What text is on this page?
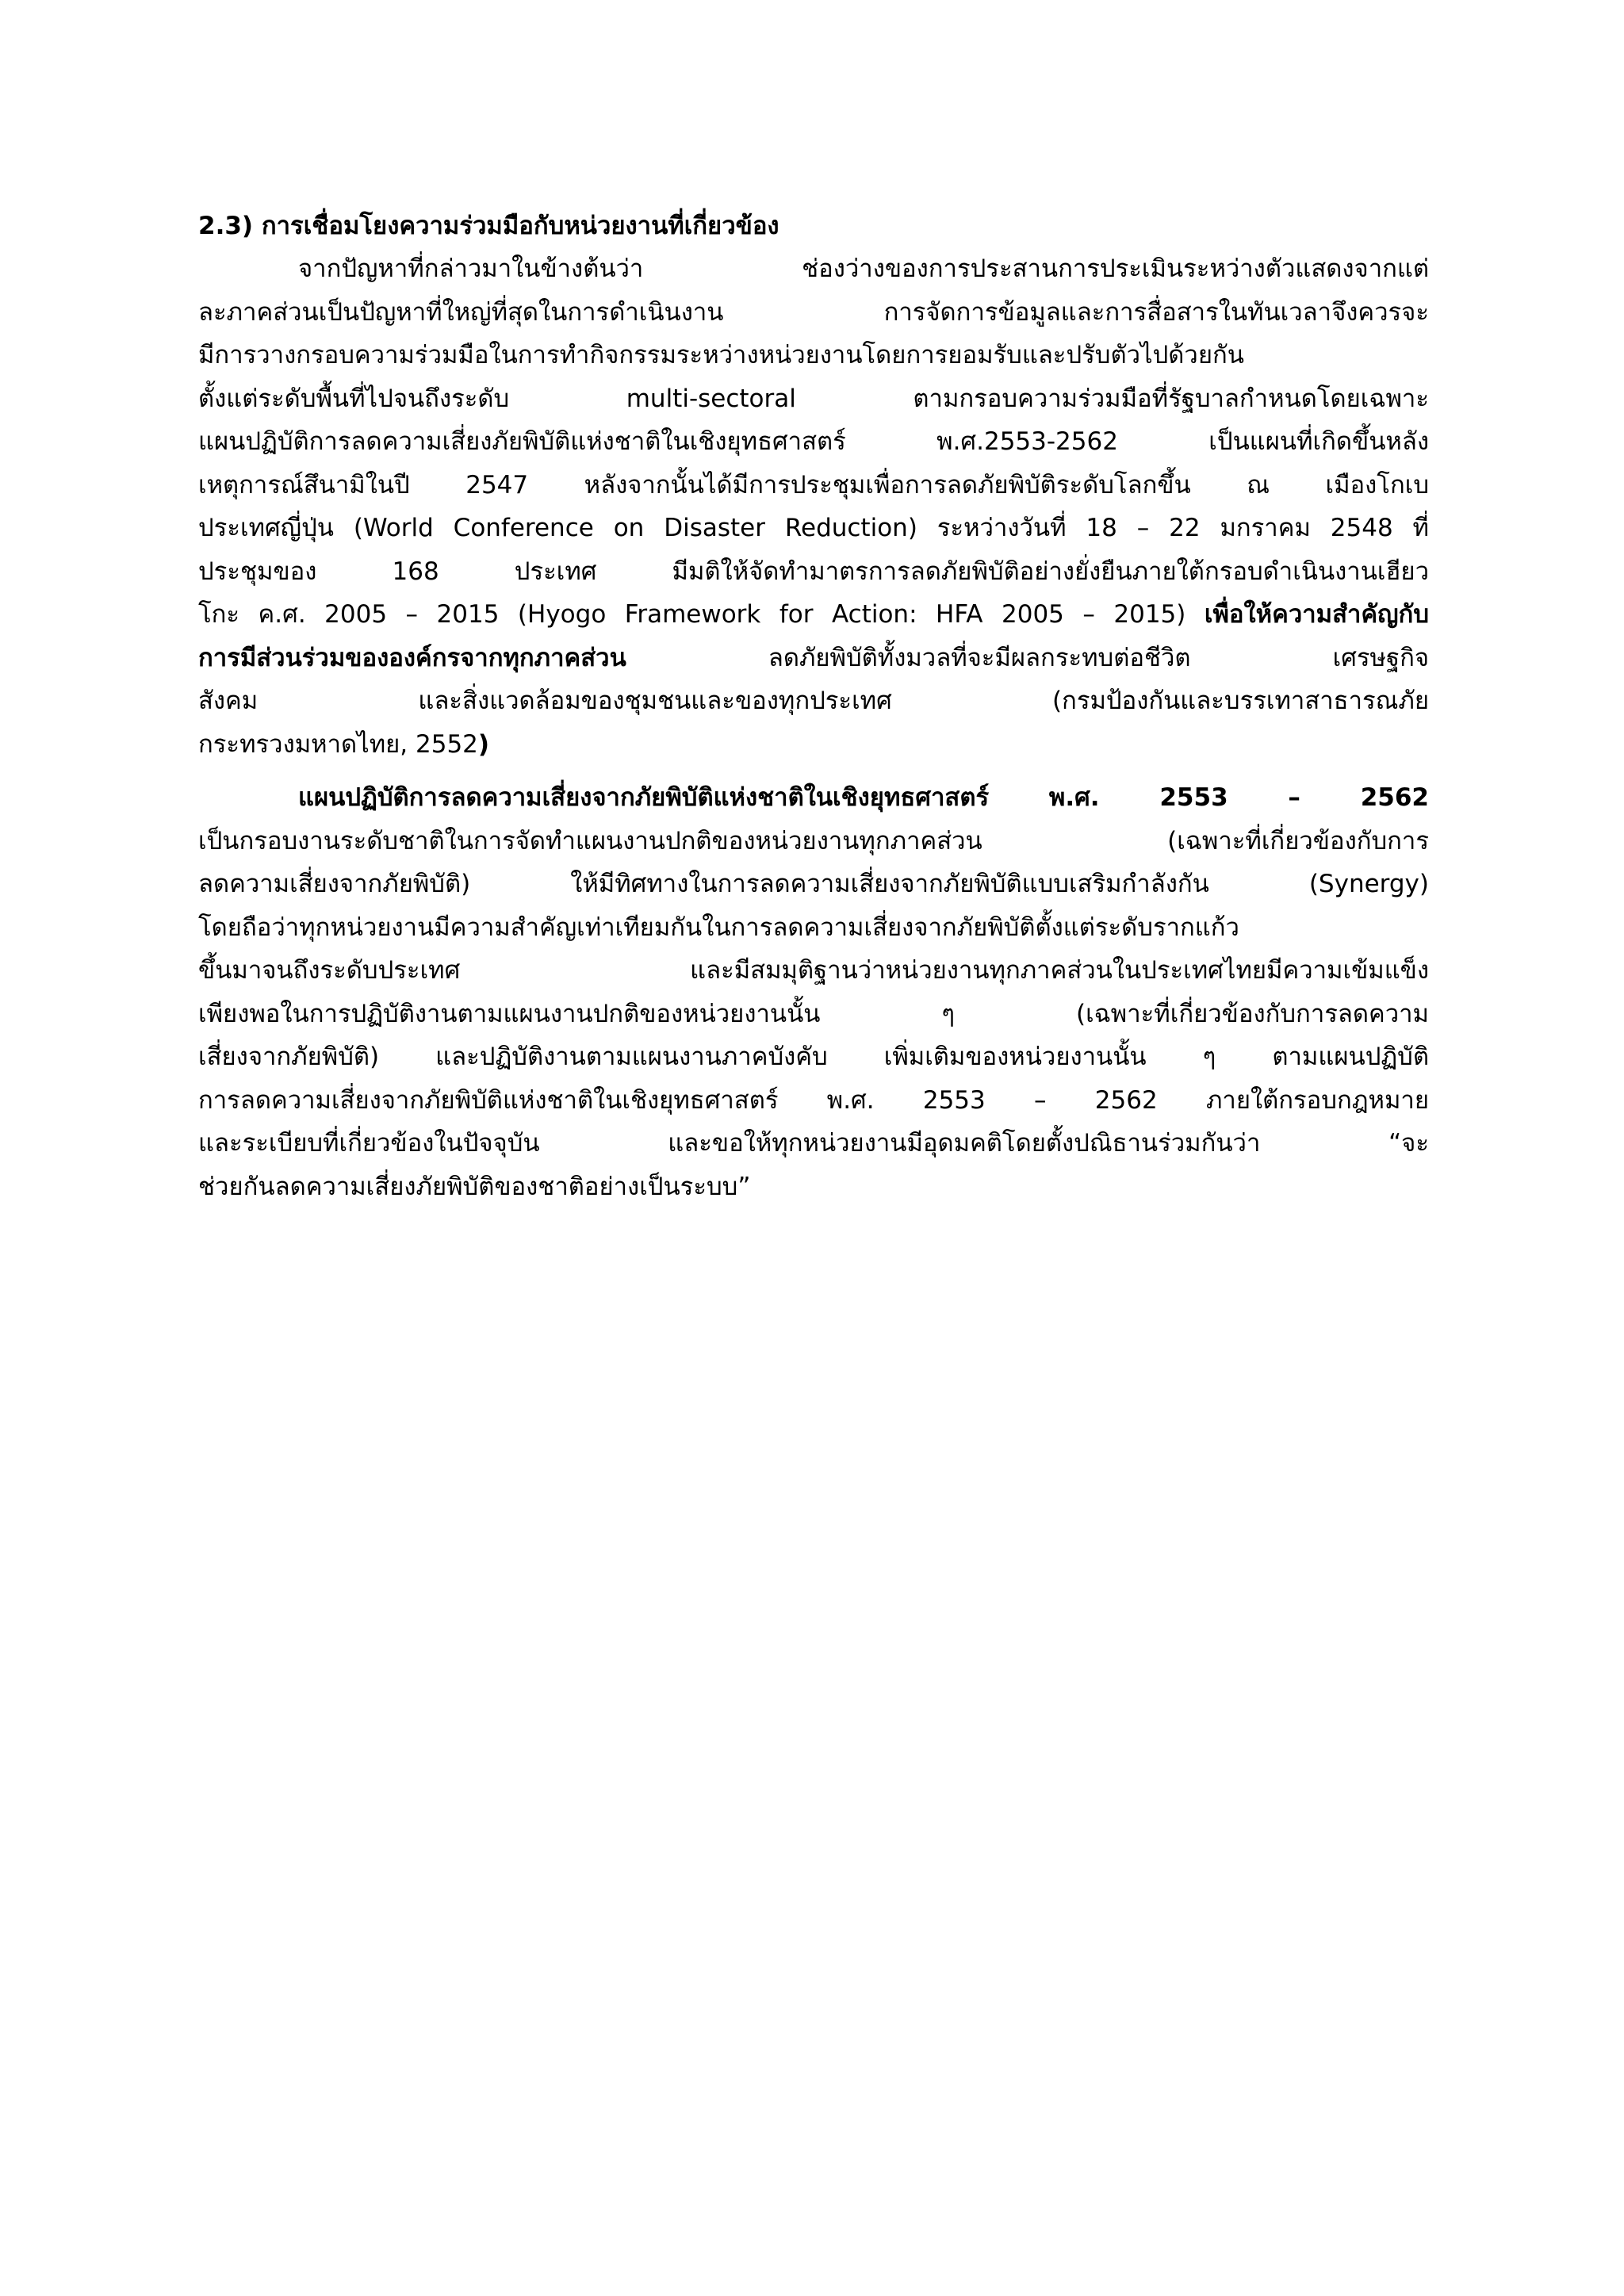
2.3) การเชื่อมโยงความร่วมมือกับหน่วยงานที่เกี่ยวข้อง
จากปัญหาที่กล่าวมาในข้างต้นว่า ช่องว่างของการประสานการประเมินระหว่างตัวแสดงจากแต่
ละภาคส่วนเป็นปัญหาที่ใหญ่ที่สุดในการดำเนินงาน การจัดการข้อมูลและการสื่อสารในทันเวลาจึงควรจะ
มีการวางกรอบความร่วมมือในการทำกิจกรรมระหว่างหน่วยงานโดยการยอมรับและปรับตัวไปด้วยกัน
ตั้งแต่ระดับพื้นที่ไปจนถึงระดับ multi-sectoral ตามกรอบความร่วมมือที่รัฐบาลกำหนดโดยเฉพาะ
แผนปฏิบัติการลดความเสี่ยงภัยพิบัติแห่งชาติในเชิงยุทธศาสตร์ พ.ศ.2553-2562 เป็นแผนที่เกิดขึ้นหลัง
เหตุการณ์สึนามิในปี 2547 หลังจากนั้นได้มีการประชุมเพื่อการลดภัยพิบัติระดับโลกขึ้น ณ เมืองโกเบ
ประเทศญี่ปุ่น (World Conference on Disaster Reduction) ระหว่างวันที่ 18 – 22 มกราคม 2548 ที่
ประชุมของ 168 ประเทศ มีมติให้จัดทำมาตรการลดภัยพิบัติอย่างยั่งยืนภายใต้กรอบดำเนินงานเฮียว
โกะ ค.ศ. 2005 – 2015 (Hyogo Framework for Action: HFA 2005 – 2015) เพื่อให้ความสำคัญกับ
การมีส่วนร่วมขององค์กรจากทุกภาคส่วน ลดภัยพิบัติทั้งมวลที่จะมีผลกระทบต่อชีวิต เศรษฐกิจ
สังคม และสิ่งแวดล้อมของชุมชนและของทุกประเทศ (กรมป้องกันและบรรเทาสาธารณภัย
กระทรวงมหาดไทย, 2552)
แผนปฏิบัติการลดความเสี่ยงจากภัยพิบัติแห่งชาติในเชิงยุทธศาสตร์ พ.ศ. 2553 – 2562
เป็นกรอบงานระดับชาติในการจัดทำแผนงานปกติของหน่วยงานทุกภาคส่วน (เฉพาะที่เกี่ยวข้องกับการ
ลดความเสี่ยงจากภัยพิบัติ) ให้มีทิศทางในการลดความเสี่ยงจากภัยพิบัติแบบเสริมกำลังกัน (Synergy)
โดยถือว่าทุกหน่วยงานมีความสำคัญเท่าเทียมกันในการลดความเสี่ยงจากภัยพิบัติตั้งแต่ระดับรากแก้ว
ขึ้นมาจนถึงระดับประเทศ และมีสมมุติฐานว่าหน่วยงานทุกภาคส่วนในประเทศไทยมีความเข้มแข็ง
เพียงพอในการปฏิบัติงานตามแผนงานปกติของหน่วยงานนั้น ๆ (เฉพาะที่เกี่ยวข้องกับการลดความ
เสี่ยงจากภัยพิบัติ) และปฏิบัติงานตามแผนงานภาคบังคับ เพิ่มเติมของหน่วยงานนั้น ๆ ตามแผนปฏิบัติ
การลดความเสี่ยงจากภัยพิบัติแห่งชาติในเชิงยุทธศาสตร์ พ.ศ. 2553 – 2562 ภายใต้กรอบกฎหมาย
และระเบียบที่เกี่ยวข้องในปัจจุบัน และขอให้ทุกหน่วยงานมีอุดมคติโดยตั้งปณิธานร่วมกันว่า “จะ
ช่วยกันลดความเสี่ยงภัยพิบัติของชาติอย่างเป็นระบบ”
